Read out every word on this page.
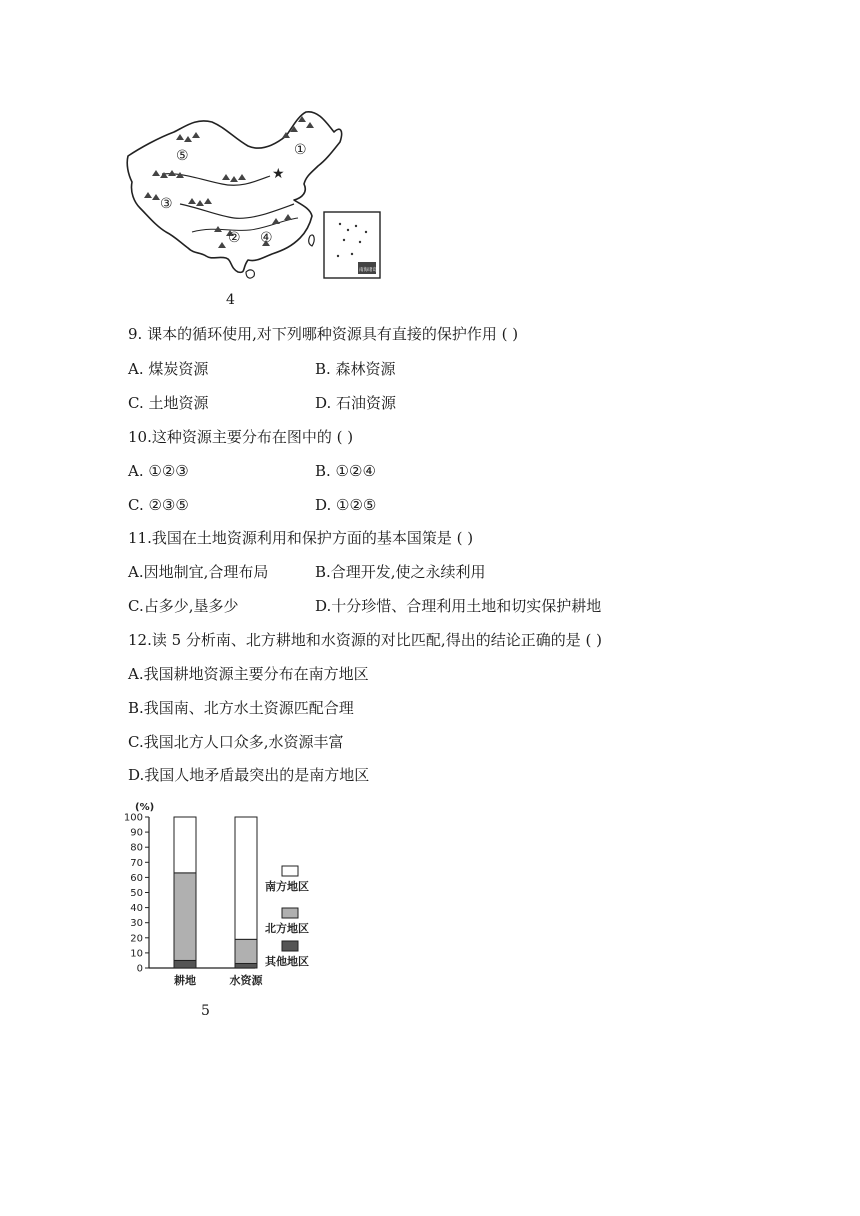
①
②
③
④
⑤
★
南海诸岛
4
9. 课本的循环使用,对下列哪种资源具有直接的保护作用 ( )
A. 煤炭资源	B. 森林资源
C. 土地资源	D. 石油资源
10.这种资源主要分布在图中的 ( )
A. ①②③	B. ①②④
C. ②③⑤	D. ①②⑤
11.我国在土地资源利用和保护方面的基本国策是 ( )
A.因地制宜,合理布局	B.合理开发,使之永续利用
C.占多少,垦多少	D.十分珍惜、合理利用土地和切实保护耕地
12.读 5 分析南、北方耕地和水资源的对比匹配,得出的结论正确的是 ( )
A.我国耕地资源主要分布在南方地区
B.我国南、北方水土资源匹配合理
C.我国北方人口众多,水资源丰富
D.我国人地矛盾最突出的是南方地区
(%)
0
10
20
30
40
50
60
70
80
90
100
耕地	水资源
南方地区
北方地区
其他地区
5
